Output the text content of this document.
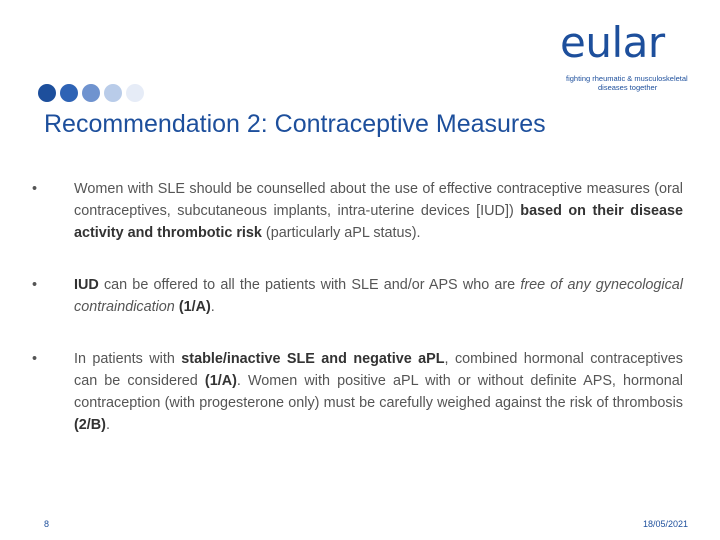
eular
fighting rheumatic & musculoskeletal
diseases together
Recommendation 2: Contraceptive Measures
•	Women with SLE should be counselled about the use of effective contraceptive measures (oral contraceptives, subcutaneous implants, intra-uterine devices [IUD]) based on their disease activity and thrombotic risk (particularly aPL status).
•	IUD can be offered to all the patients with SLE and/or APS who are free of any gynecological contraindication (1/A).
•	In patients with stable/inactive SLE and negative aPL, combined hormonal contraceptives can be considered (1/A). Women with positive aPL with or without definite APS, hormonal contraception (with progesterone only) must be carefully weighed against the risk of thrombosis (2/B).
8	18/05/2021
